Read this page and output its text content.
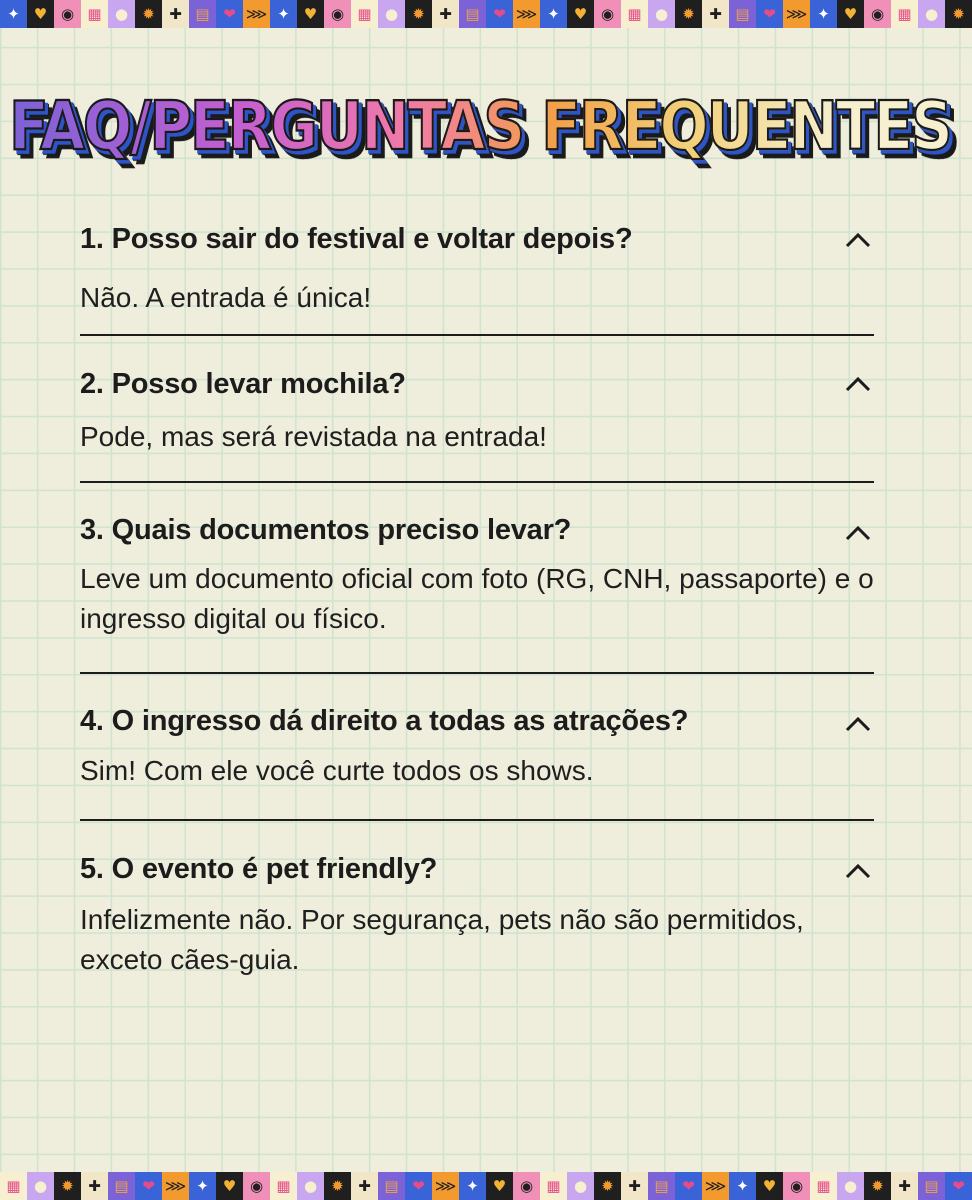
✦ ♥ ◉ ▦ ● ✹ ✚ ▤ ❤ ⋙ ✦ ♥ ◉ ▦ ● ✹ ✚ ▤ ❤ ⋙ ✦ ♥ ◉ ▦ ● ✹ ✚ ▤ ❤ ⋙ ✦ ♥ ◉ ▦ ● ✹
FAQ/PERGUNTAS FREQUENTES
1. Posso sair do festival e voltar depois?
Não. A entrada é única!
2. Posso levar mochila?
Pode, mas será revistada na entrada!
3. Quais documentos preciso levar?
Leve um documento oficial com foto (RG, CNH, passaporte) e o ingresso digital ou físico.
4. O ingresso dá direito a todas as atrações?
Sim! Com ele você curte todos os shows.
5. O evento é pet friendly?
Infelizmente não. Por segurança, pets não são permitidos, exceto cães-guia.
▦ ● ✹ ✚ ▤ ❤ ⋙ ✦ ♥ ◉ ▦ ● ✹ ✚ ▤ ❤ ⋙ ✦ ♥ ◉ ▦ ● ✹ ✚ ▤ ❤ ⋙ ✦ ♥ ◉ ▦ ● ✹ ✚ ▤ ❤
